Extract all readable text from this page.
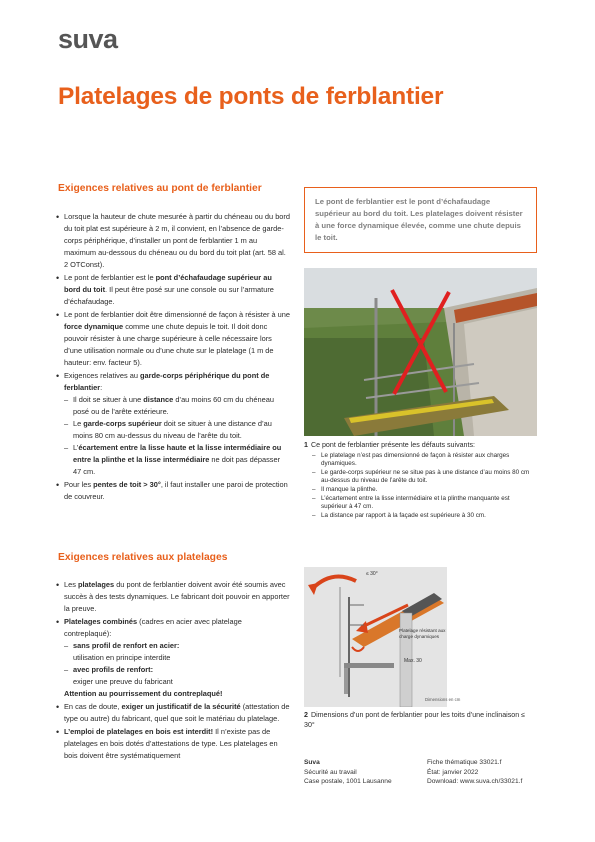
suva
Platelages de ponts de ferblantier
Exigences relatives au pont de ferblantier
• Lorsque la hauteur de chute mesurée à partir du chéneau ou du bord du toit plat est supérieure à 2 m, il convient, en l’absence de garde-corps périphérique, d’installer un pont de ferblantier 1 m au maximum au-dessous du chéneau ou du bord du toit plat (art. 58 al. 2 OTConst).
• Le pont de ferblantier est le pont d’échafaudage supérieur au bord du toit. Il peut être posé sur une console ou sur l’armature d’échafaudage.
• Le pont de ferblantier doit être dimensionné de façon à résister à une force dynamique comme une chute depuis le toit. Il doit donc pouvoir résister à une charge supérieure à celle nécessaire lors d’une utilisation normale ou d’une chute sur le platelage (1 m de hauteur: env. facteur 5).
• Exigences relatives au garde-corps périphérique du pont de ferblantier:
– Il doit se situer à une distance d’au moins 60 cm du chéneau posé ou de l’arête extérieure.
– Le garde-corps supérieur doit se situer à une distance d’au moins 80 cm au-dessus du niveau de l’arête du toit.
– L’écartement entre la lisse haute et la lisse intermédiaire ou entre la plinthe et la lisse intermédiaire ne doit pas dépasser 47 cm.
• Pour les pentes de toit > 30°, il faut installer une paroi de protection de couvreur.
Exigences relatives aux platelages
• Les platelages du pont de ferblantier doivent avoir été soumis avec succès à des tests dynamiques. Le fabricant doit pouvoir en apporter la preuve.
• Platelages combinés (cadres en acier avec platelage contreplaqué):
– sans profil de renfort en acier:
utilisation en principe interdite
– avec profils de renfort:
exiger une preuve du fabricant
Attention au pourrissement du contreplaqué!
• En cas de doute, exiger un justificatif de la sécurité (attestation de type ou autre) du fabricant, quel que soit le matériau du platelage.
• L’emploi de platelages en bois est interdit! Il n’existe pas de platelages en bois dotés d’attestations de type. Les platelages en bois doivent être systématiquement
Le pont de ferblantier est le pont d’échafaudage supérieur au bord du toit. Les platelages doivent résister à une force dynamique élevée, comme une chute depuis le toit.
1 Ce pont de ferblantier présente les défauts suivants:
– Le platelage n’est pas dimensionné de façon à résister aux charges dynamiques.
– Le garde-corps supérieur ne se situe pas à une distance d’au moins 80 cm au-dessus du niveau de l’arête du toit.
– Il manque la plinthe.
– L’écartement entre la lisse intermédiaire et la plinthe manquante est supérieur à 47 cm.
– La distance par rapport à la façade est supérieure à 30 cm.
≤ 30°
Platelage résistant aux charge dynamiques
Max. 30
Dimensions en cm
2 Dimensions d’un pont de ferblantier pour les toits d’une inclinaison ≤ 30°
Suva
Sécurité au travail
Case postale, 1001 Lausanne
Fiche thématique 33021.f
État: janvier 2022
Download: www.suva.ch/33021.f
